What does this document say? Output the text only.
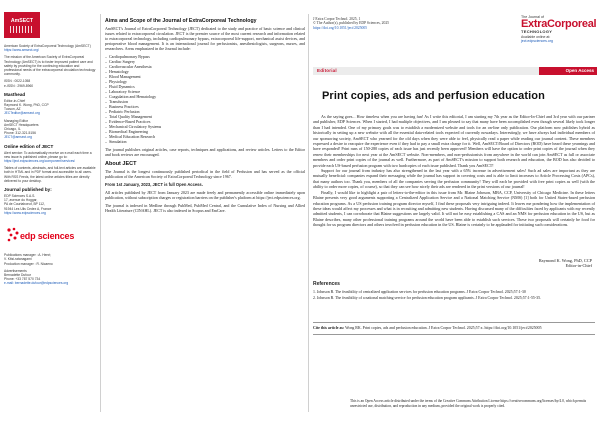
AmSECT

American Society of ExtraCorporeal Technology (AmSECT)
https://www.amsect.org/

The mission of the American Society of ExtraCorporeal Technology (AmSECT) is to foster improved patient care and safety by providing for the continuing education and professional needs of the extracorporeal circulation technology community.

ISSN : 0022-1058
e-ISSN : 2969-8960

Masthead

Editor-in-Chief
Raymond K. Wong, PhD, CCP
Tucson, AZ
JECTeditor@amsect.org

Managing Editor
AmSECT Headquarters
Chicago, IL
Phone: 312-321-5156
JECT@amsect.org

Online edition of JECT

Alert service: To automatically receive an e-mail each time a new issue is published online, please go to: https://ject.edpsciences.org/component/services/

Tables of contents, abstracts, and full-text articles are available both in HTML and in PDF format and accessible to all users. With RSS Feeds, the latest online articles titles are directly delivered to your desktop.

Journal published by:

EDP Sciences S.A.S.
17, avenue du Hoggar,
PA de Courtaboeuf, BP 112,
91944 Les Ulis Cedex A, France
https://www.edpsciences.org

edp sciences

Publications manager : A. Henri;
V. Kitsi-ratanagami
Production manager : R. Nicaeno

Advertisements
Bernadette Dufour
Phone: +33 787 570 734
e-mail: bernadette.dufour@edpsciences.org

Aims and Scope of the Journal of ExtraCorporeal Technology

AmSECT's Journal of ExtraCorporeal Technology (JECT) dedicated to the study and practice of basic science and clinical issues related to extracorporeal circulation. JECT is the premier source of the most current research and information related to extracorporeal technology, including cardiopulmonary bypass, extracorporeal life-support, mechanical assist devices, and perioperative blood management. It is an international journal for perfusionists, anesthesiologists, surgeons, nurses, and researchers. Areas emphasized in the Journal include:

– Cardiopulmonary Bypass
– Cardiac Surgery
– Cardiovascular Anesthesia
– Hematology
– Blood Management
– Physiology
– Fluid Dynamics
– Laboratory Science
– Coagulation and Hematology
– Transfusion
– Business Practices
– Pediatric Perfusion
– Total Quality Management
– Evidence-Based Practices
– Mechanical Circulatory Systems
– Biomedical Engineering
– Medical Education Research
– Simulation

The journal publishes original articles, case reports, techniques and applications, and review articles. Letters to the Editor and book reviews are encouraged.

About JECT

The Journal is the longest continuously published periodical in the field of Perfusion and has served as the official publication of the American Society of ExtraCorporeal Technology since 1967.

From 1st January, 2023, JECT is full Open Access.

All articles published by JECT from January 2023 are made freely and permanently accessible online immediately upon publication, without subscription charges or registration barriers on the publisher's platform at https://ject.edpsciences.org.

The journal is indexed in Medline through PubMed, PubMed Central, and the Cumulative Index of Nursing and Allied Health Literature (CINAHL). JECT is also indexed in Scopus and EmCare.

J Extra Corpor Technol. 2025, 1
© The Author(s), published by EDP Sciences, 2025
https://doi.org/10.1051/ject/2025005
The Journal of
ExtraCorporeal
TECHNOLOGY
Available online at:
ject.edpsciences.org
Editorial	Open Access
Print copies, ads and perfusion education

As the saying goes... How timeless when you are having fun! As I write this editorial, I am starting my 7th year as the Editor-In-Chief and 3rd year with our partner and publisher, EDP Sciences. When I started, I had multiple objectives, and I am pleased to say that many have been accomplished even though several likely took longer than I had intended. One of my primary goals was to establish a modernized website and tools for an on-line only publication. Our platform now publishes hybrid as historically in setting up a new website with all the essential data-related tools expected of currently nowadays. Interestingly, we have always had individual members of our sponsoring society, AmSECT who yearned for the old days when they were able to feel, physically read a paper while reading our journal content. These members expressed a desire to reacquire the experience even if they had to pay a small extra charge for it. Well, AmSECT/Board of Directors (BOD) have heard these yearnings and have responded! Print runs of 150-280 copies of each issue has just recently been approved! Members will have the option to order print copies of the journal when they renew their memberships for next year at the AmSECT website. Non-members, and non-perfusionists from anywhere in the world can join AmSECT as full or associate members and order print copies of the journal as well. Furthermore, as part of AmSECT's mission to support both research and education, the BOD has also decided to provide each US-based perfusion program with two hardcopies of each issue published. Thank you AmSECT!

Support for our journal from industry has also strengthened in the last year with a 65% increase in advertisement sales! Such ad sales are important as they are mutually beneficial: companies expand their messaging while the journal has support in covering costs and is able to limit increases to Article Processing Costs (APCs), that many authors too. Thank you, members of all the companies serving the perfusion community! They will each be provided with free print copies as well (with the ability to order more copies, of course), so that they can see how nicely their ads are rendered in the print versions of our journal!

Finally, I would like to highlight a pair of letters-to-the-editor in this issue from Mr. Blaine Johnson, MBA, CCP, University of Chicago Medicine. In these letters Blaine presents very good arguments supporting a Centralized Application Service and a National Matching Service (NMS) [1] both for United States-based perfusion education programs. As a US perfusion training program director myself, I find these proposals very intriguing indeed. It leaves me pondering how the implementation of these ideas would affect my processes and what is in recruiting and admitting new students. Having discussed many of the difficulties faced by applicants with my recently admitted students, I can corroborate that Blaine suggestions are largely valid. It will not be easy establishing a CAS and an NMS for perfusion education in the US, but as Blaine describes, many other professional training programs around the world have been able to establish such services. These two proposals will certainly be food for thought for us program directors and others involved in perfusion education in the US. Blaine is certainly to be applauded for initiating such considerations.

Raymond K. Wong, PhD, CCP
Editor-in-Chief
References
1. Johnson B. The feasibility of centralized application services for perfusion education programs. J Extra Corpor Technol. 2025;57:1-30
2. Johnson B. The feasibility of a national matching service for perfusion education program applicants. J Extra Corpor Technol. 2025;57:1-55-35.
Cite this article as: Wong RK. Print copies, ads and perfusion education. J Extra Corpor Technol. 2025;57:x. https://doi.org/10.1051/ject/2025005
This is an Open Access article distributed under the terms of the Creative Commons Attribution License https://creativecommons.org/licenses/by/4.0, which permits unrestricted use, distribution, and reproduction in any medium, provided the original work is properly cited.
